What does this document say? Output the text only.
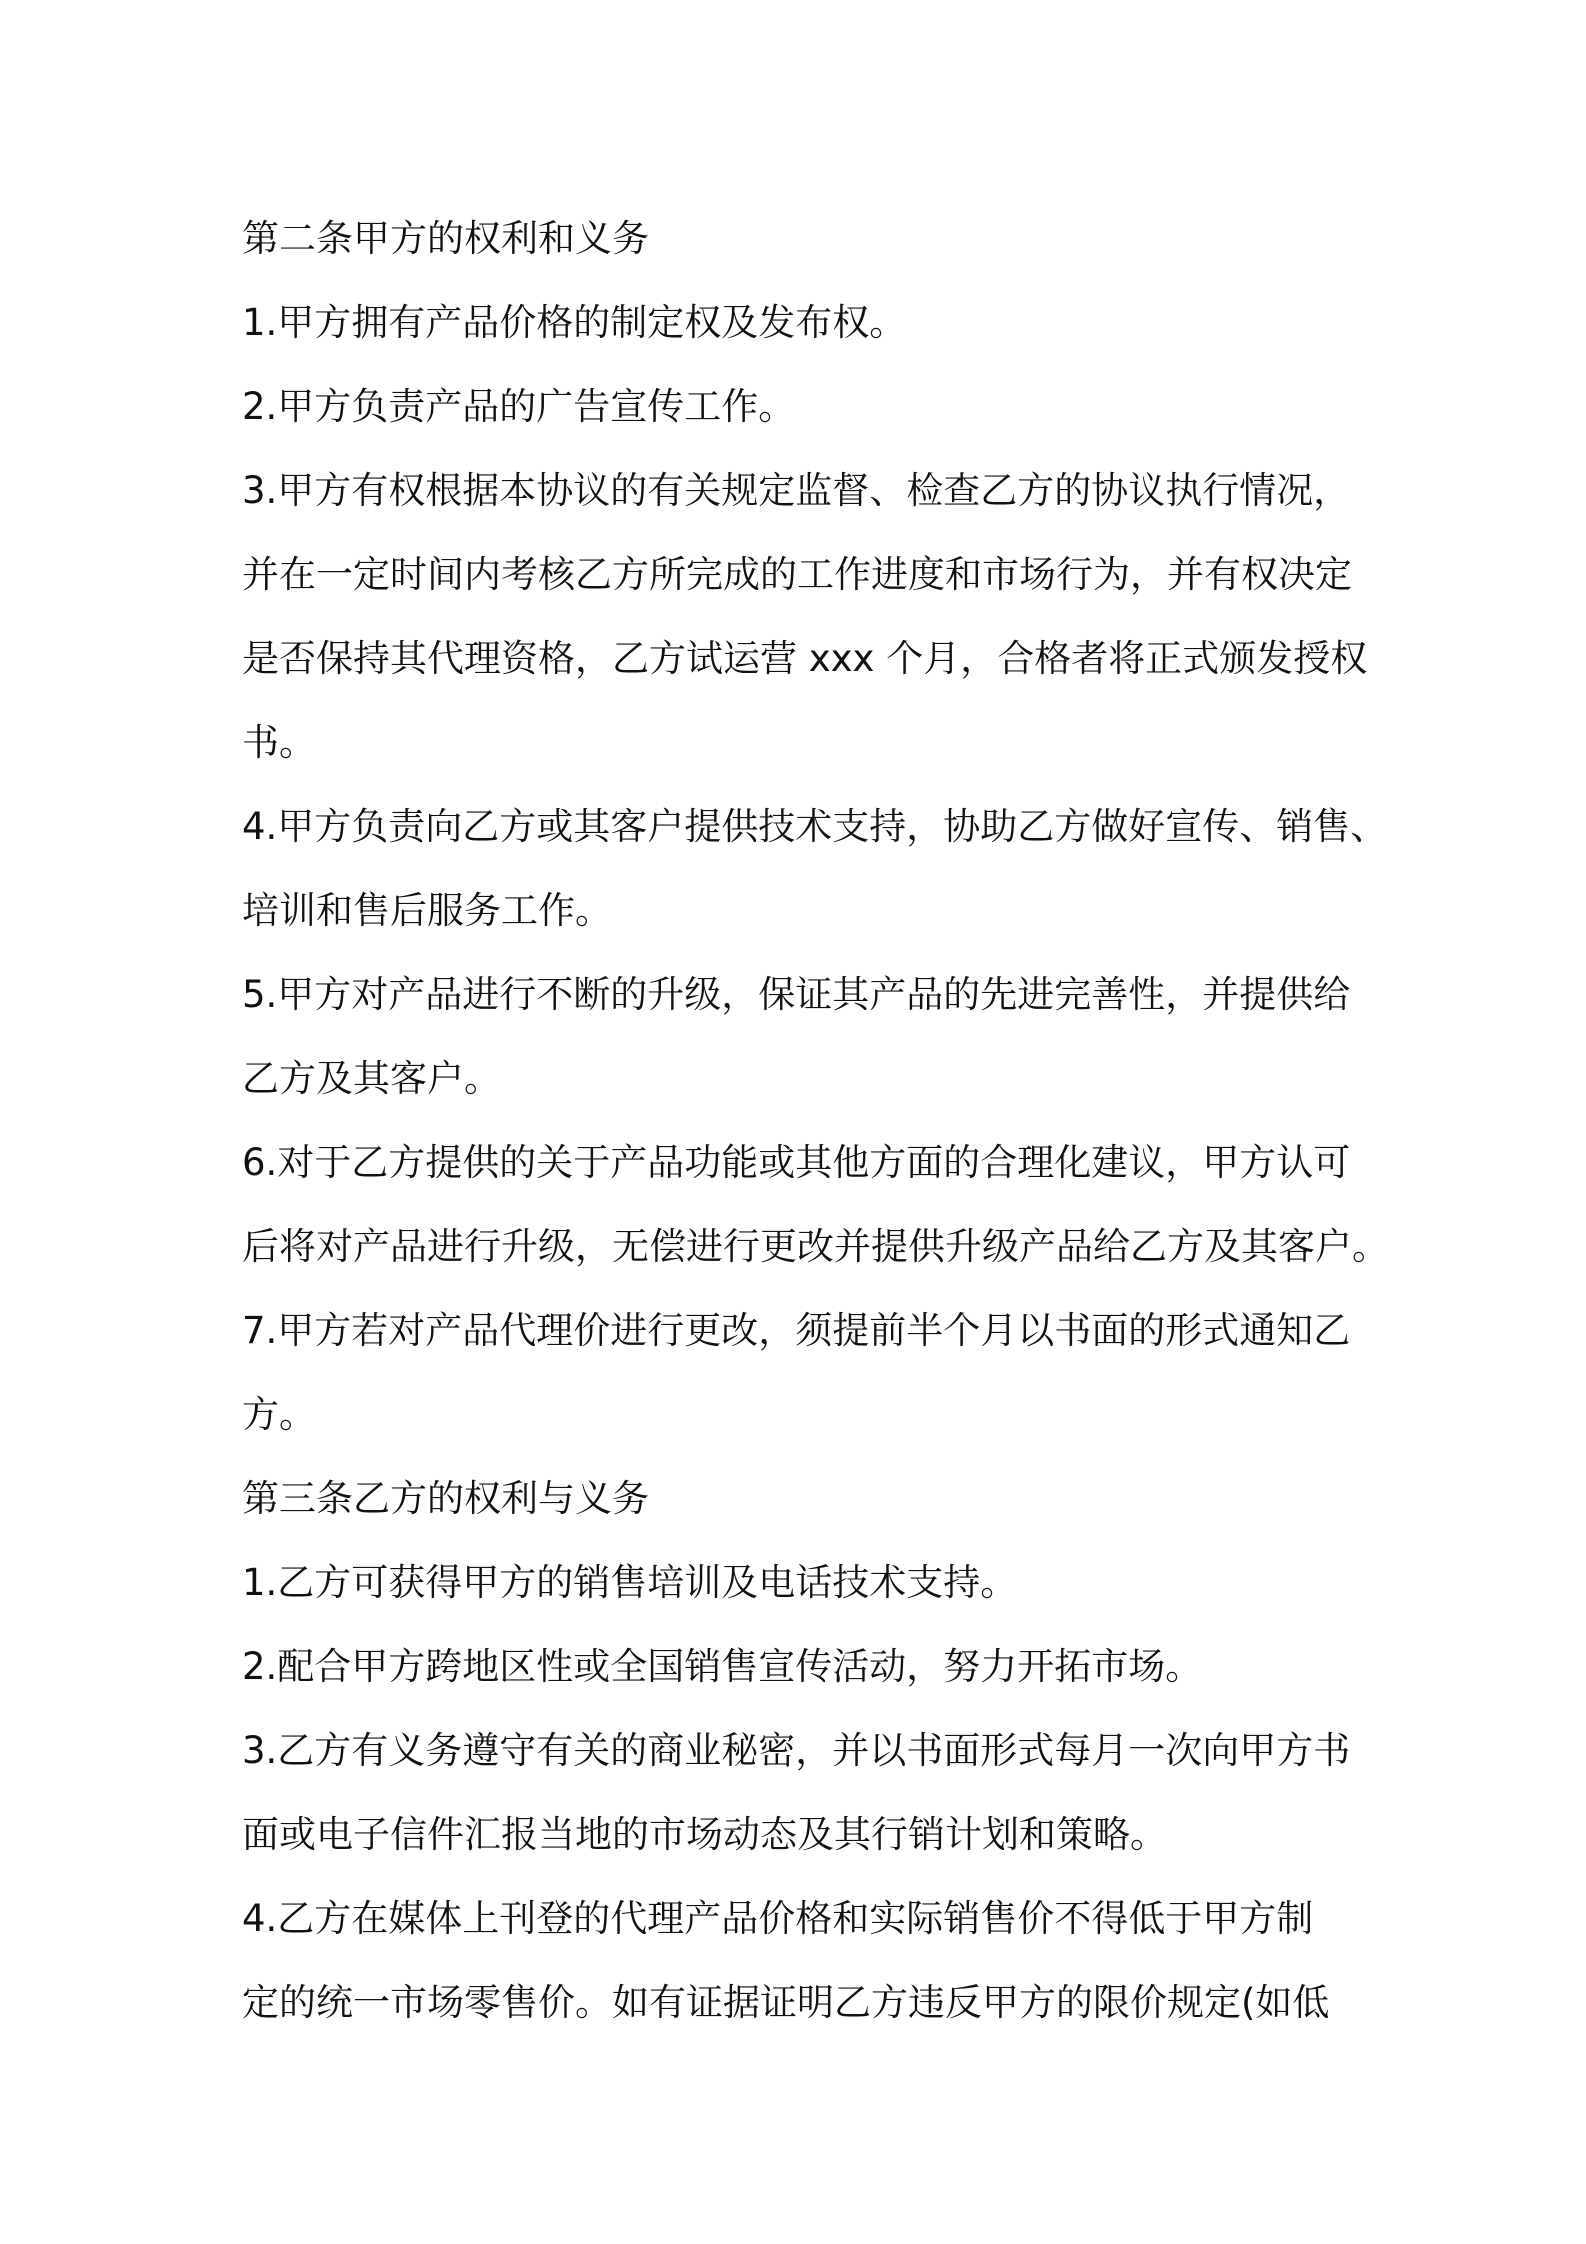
第二条甲方的权利和义务
1.甲方拥有产品价格的制定权及发布权。
2.甲方负责产品的广告宣传工作。
3.甲方有权根据本协议的有关规定监督、检查乙方的协议执行情况，
并在一定时间内考核乙方所完成的工作进度和市场行为，并有权决定
是否保持其代理资格，乙方试运营 xxx 个月，合格者将正式颁发授权
书。
4.甲方负责向乙方或其客户提供技术支持，协助乙方做好宣传、销售、
培训和售后服务工作。
5.甲方对产品进行不断的升级，保证其产品的先进完善性，并提供给
乙方及其客户。
6.对于乙方提供的关于产品功能或其他方面的合理化建议，甲方认可
后将对产品进行升级，无偿进行更改并提供升级产品给乙方及其客户。
7.甲方若对产品代理价进行更改，须提前半个月以书面的形式通知乙
方。
第三条乙方的权利与义务
1.乙方可获得甲方的销售培训及电话技术支持。
2.配合甲方跨地区性或全国销售宣传活动，努力开拓市场。
3.乙方有义务遵守有关的商业秘密，并以书面形式每月一次向甲方书
面或电子信件汇报当地的市场动态及其行销计划和策略。
4.乙方在媒体上刊登的代理产品价格和实际销售价不得低于甲方制
定的统一市场零售价。如有证据证明乙方违反甲方的限价规定(如低
